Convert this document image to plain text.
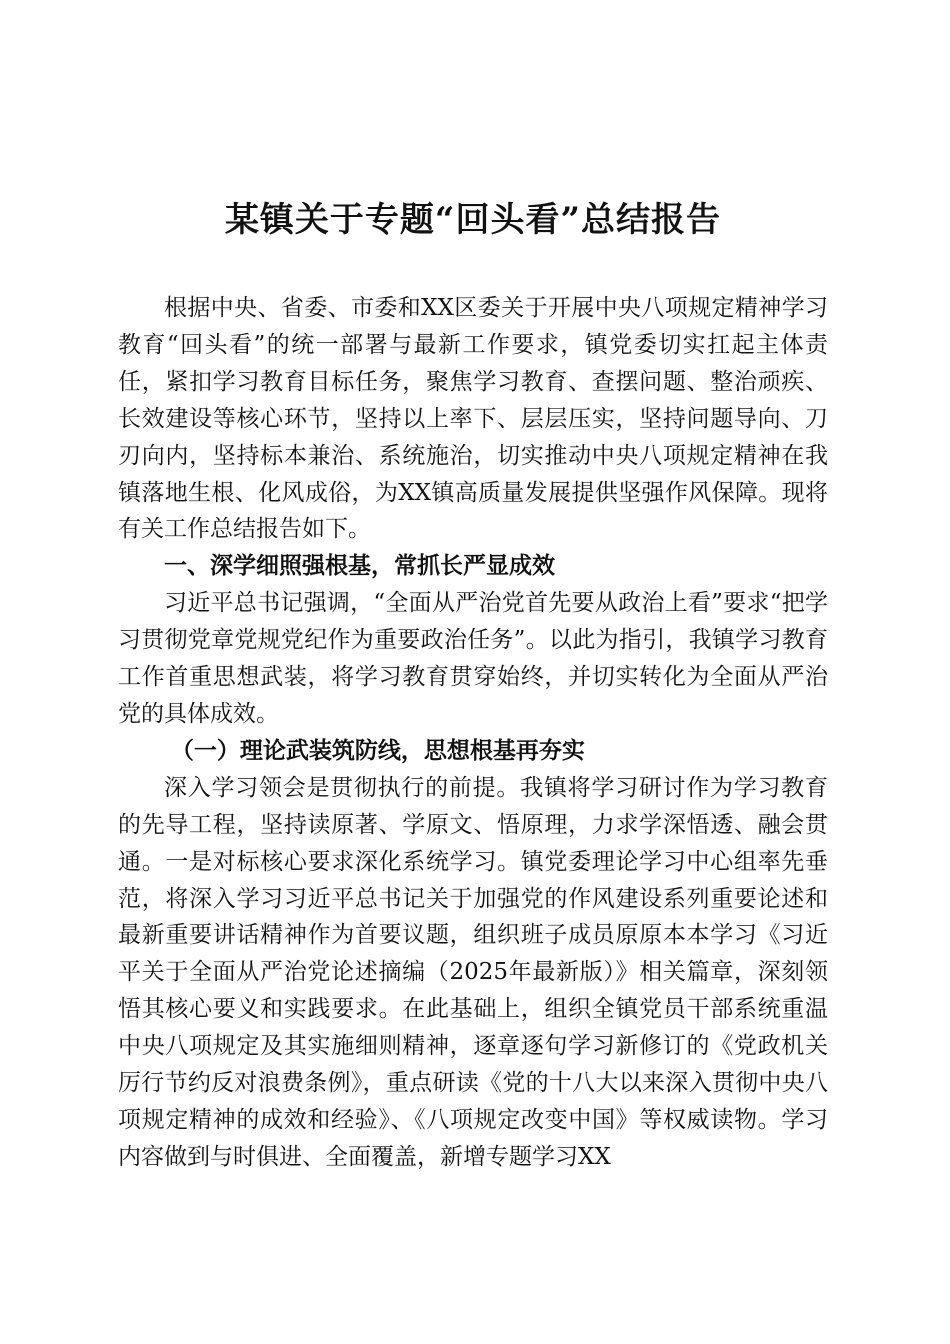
某镇关于专题“回头看”总结报告

根据中央、省委、市委和XX区委关于开展中央八项规定精神学习教育“回头看”的统一部署与最新工作要求，镇党委切实扛起主体责任，紧扣学习教育目标任务，聚焦学习教育、查摆问题、整治顽疾、长效建设等核心环节，坚持以上率下、层层压实，坚持问题导向、刀刃向内，坚持标本兼治、系统施治，切实推动中央八项规定精神在我镇落地生根、化风成俗，为XX镇高质量发展提供坚强作风保障。现将有关工作总结报告如下。

一、深学细照强根基，常抓长严显成效

习近平总书记强调，“全面从严治党首先要从政治上看”要求“把学习贯彻党章党规党纪作为重要政治任务”。以此为指引，我镇学习教育工作首重思想武装，将学习教育贯穿始终，并切实转化为全面从严治党的具体成效。

（一）理论武装筑防线，思想根基再夯实

深入学习领会是贯彻执行的前提。我镇将学习研讨作为学习教育的先导工程，坚持读原著、学原文、悟原理，力求学深悟透、融会贯通。一是对标核心要求深化系统学习。镇党委理论学习中心组率先垂范，将深入学习习近平总书记关于加强党的作风建设系列重要论述和最新重要讲话精神作为首要议题，组织班子成员原原本本学习《习近平关于全面从严治党论述摘编（2025年最新版）》相关篇章，深刻领悟其核心要义和实践要求。在此基础上，组织全镇党员干部系统重温中央八项规定及其实施细则精神，逐章逐句学习新修订的《党政机关厉行节约反对浪费条例》，重点研读《党的十八大以来深入贯彻中央八项规定精神的成效和经验》、《八项规定改变中国》等权威读物。学习内容做到与时俱进、全面覆盖，新增专题学习XX
